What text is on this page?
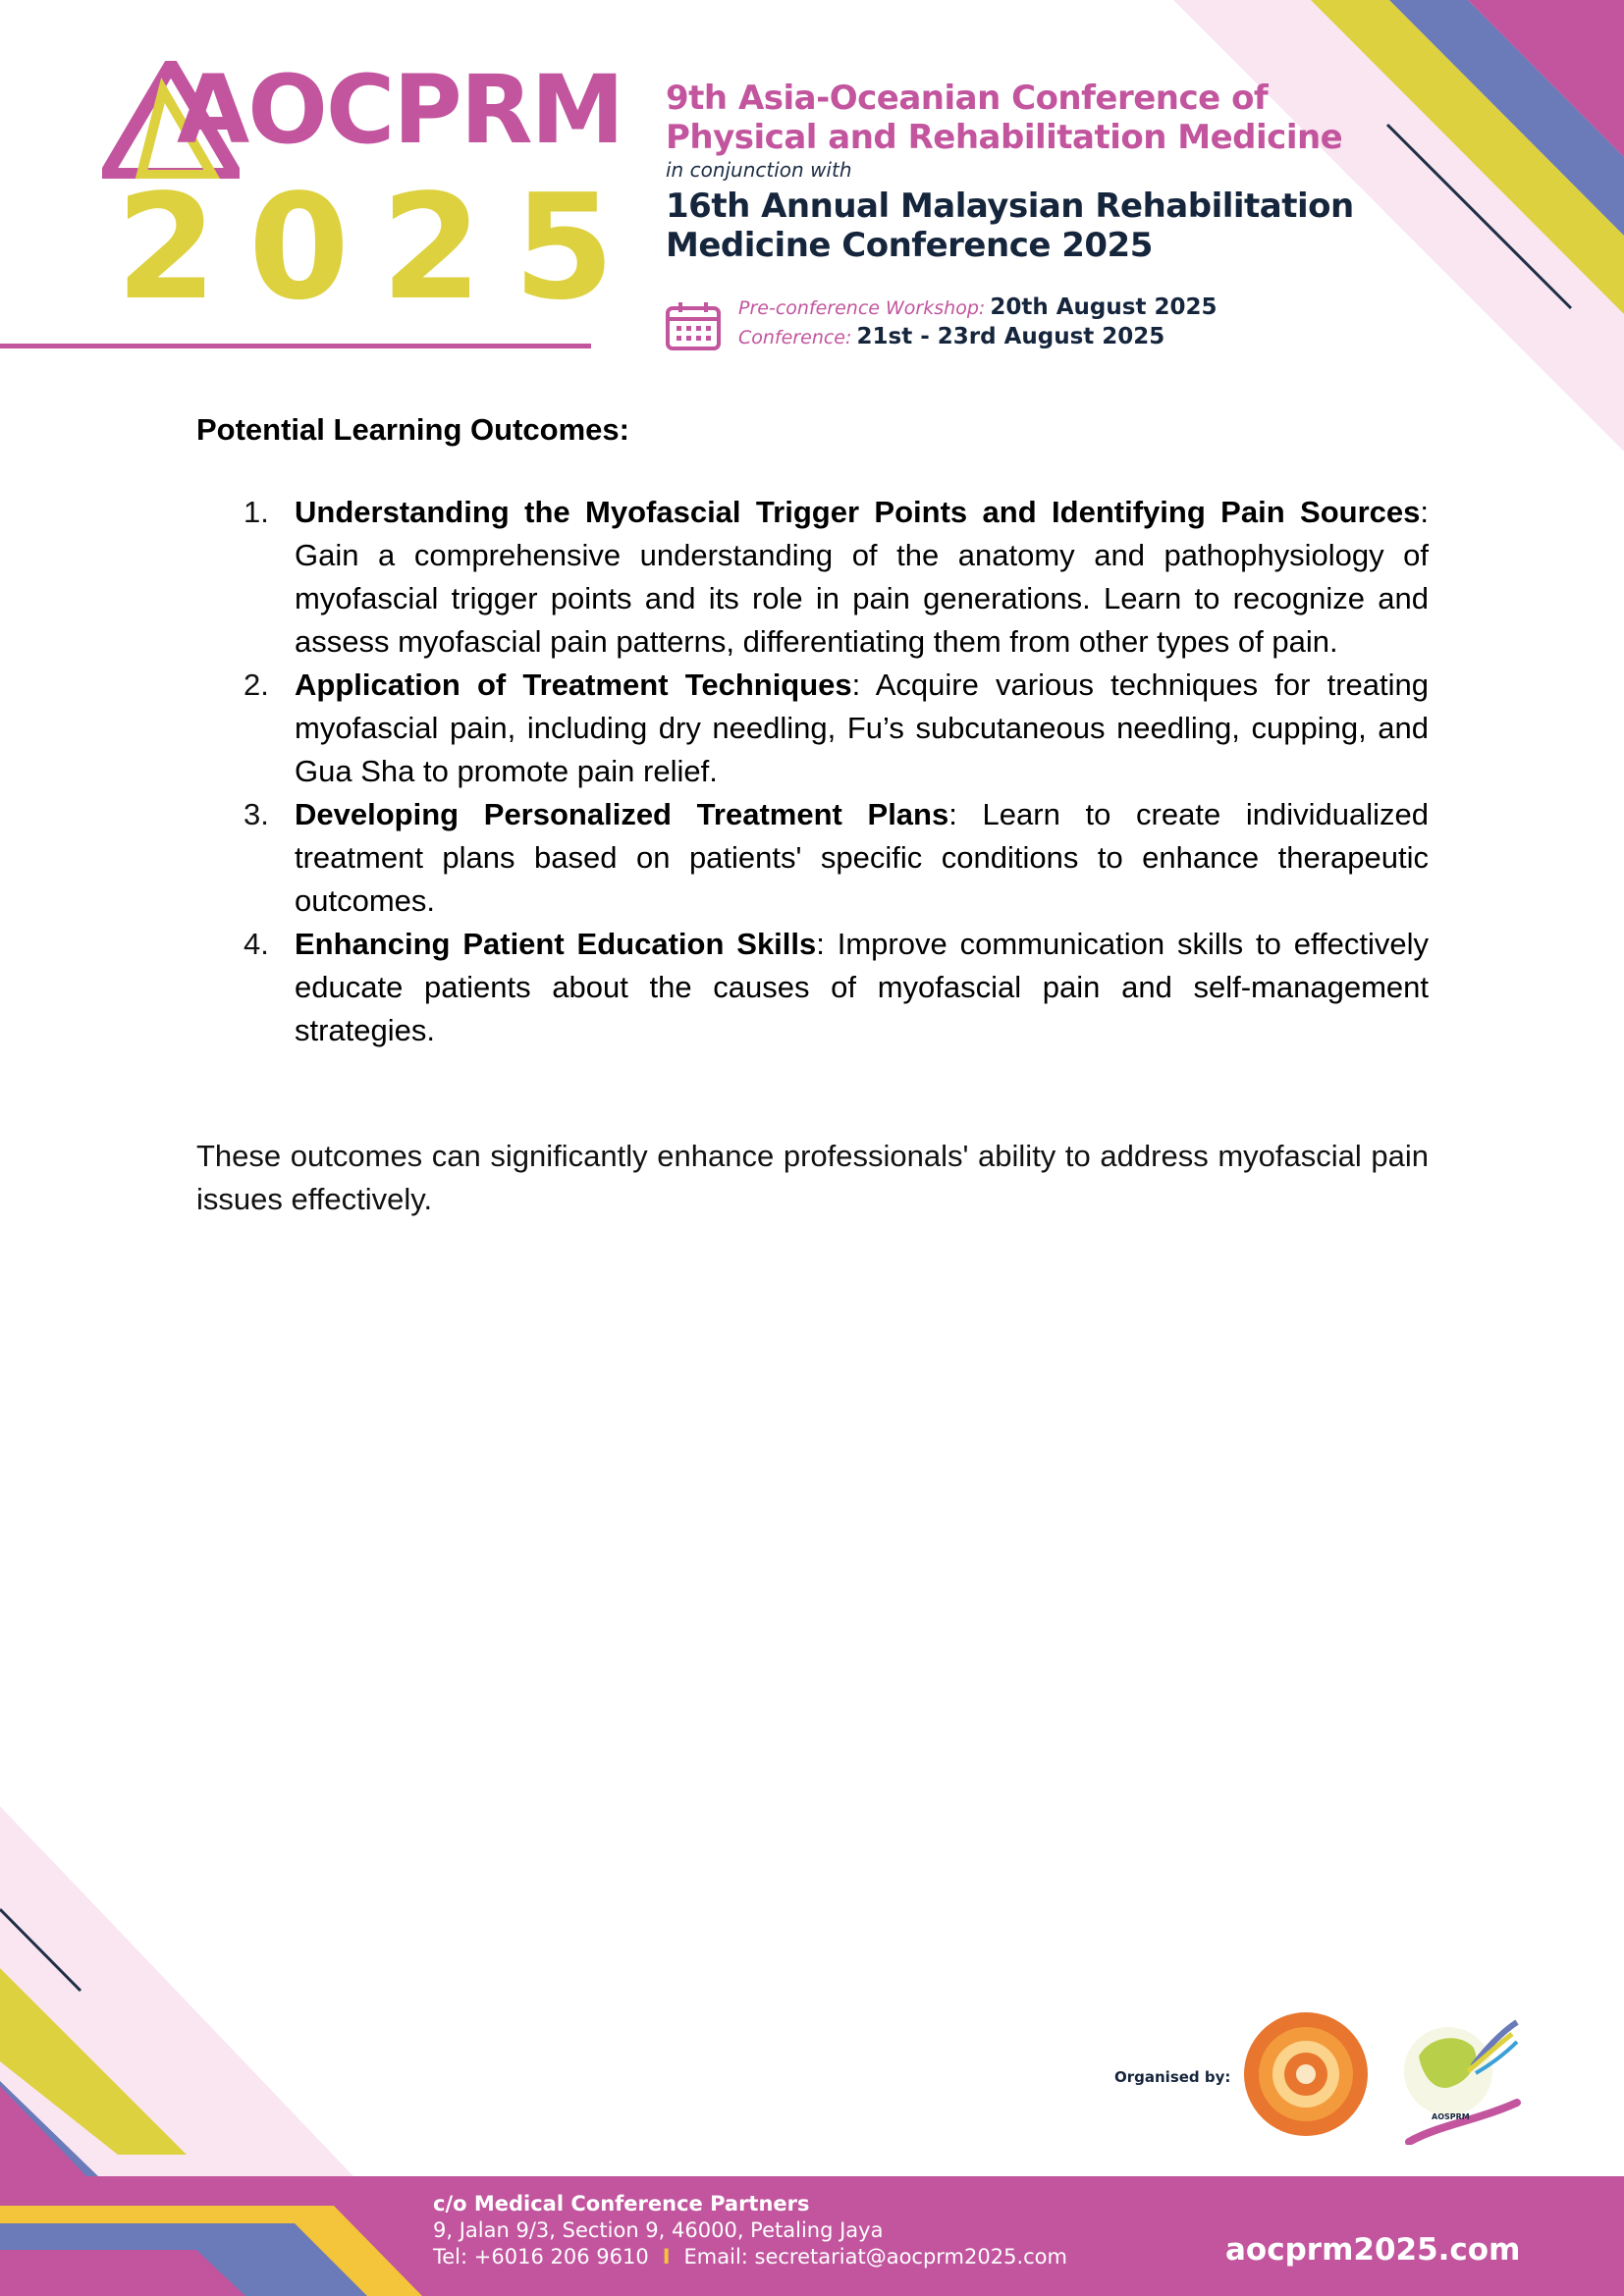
AOCPRM
2025
9th Asia-Oceanian Conference of
Physical and Rehabilitation Medicine
in conjunction with
16th Annual Malaysian Rehabilitation
Medicine Conference 2025
Pre-conference Workshop: 20th August 2025
Conference: 21st - 23rd August 2025
Potential Learning Outcomes:
1. Understanding the Myofascial Trigger Points and Identifying Pain Sources: Gain a comprehensive understanding of the anatomy and pathophysiology of myofascial trigger points and its role in pain generations. Learn to recognize and assess myofascial pain patterns, differentiating them from other types of pain.
2. Application of Treatment Techniques: Acquire various techniques for treating myofascial pain, including dry needling, Fu’s subcutaneous needling, cupping, and Gua Sha to promote pain relief.
3. Developing Personalized Treatment Plans: Learn to create individualized treatment plans based on patients' specific conditions to enhance therapeutic outcomes.
4. Enhancing Patient Education Skills: Improve communication skills to effectively educate patients about the causes of myofascial pain and self-management strategies.
These outcomes can significantly enhance professionals' ability to address myofascial pain issues effectively.
Organised by:
AOSPRM
c/o Medical Conference Partners
9, Jalan 9/3, Section 9, 46000, Petaling Jaya
Tel: +6016 206 9610 I Email: secretariat@aocprm2025.com	aocprm2025.com
